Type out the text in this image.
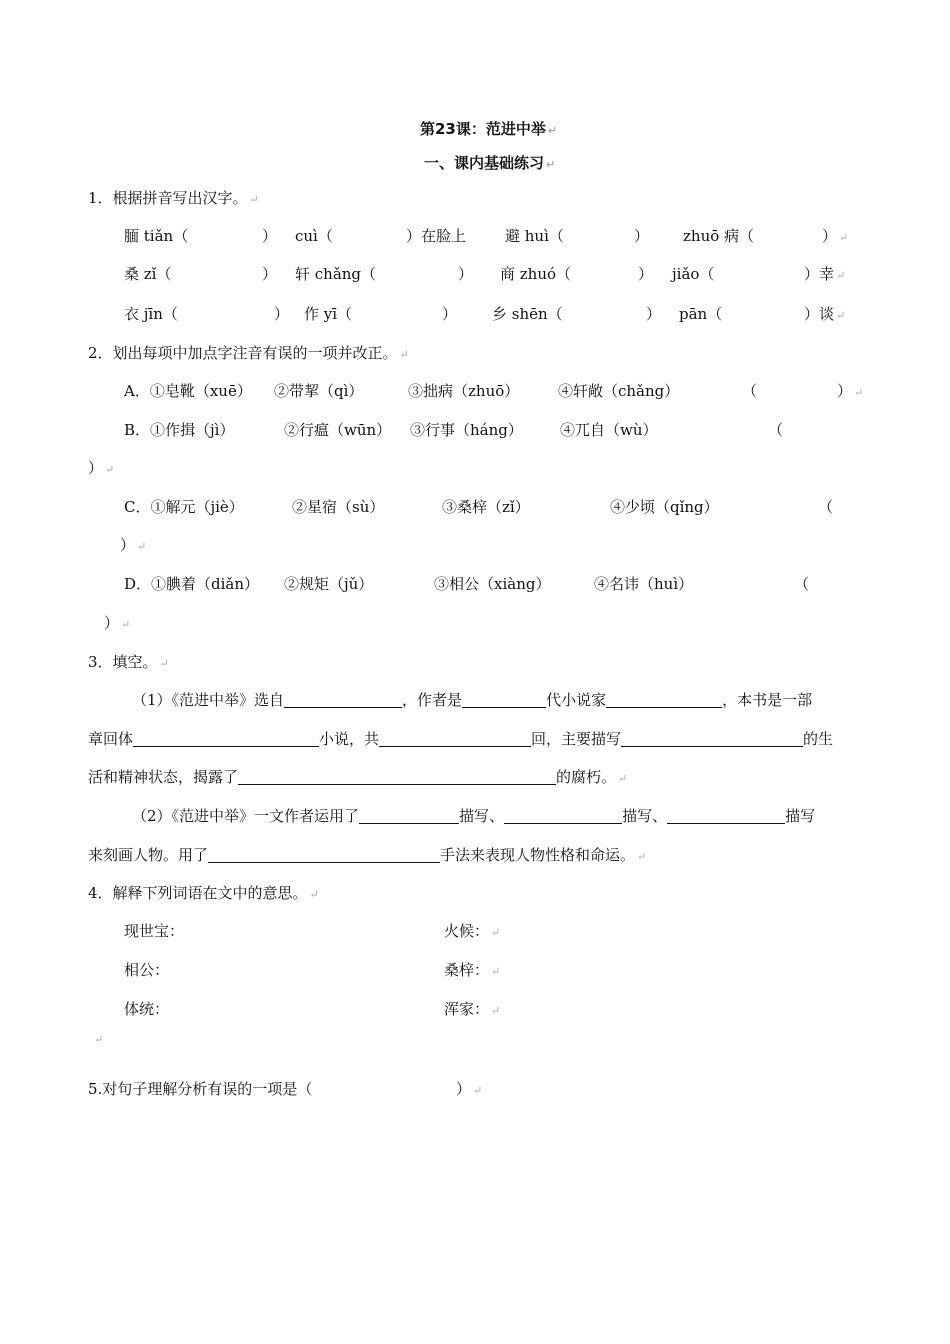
第23课：范进中举 ↵
一、课内基础练习 ↵
1．根据拼音写出汉字。 ↵
腼 tiǎn（	） cuì（	）在脸上	避 huì（	） zhuō 病（	） ↵
桑 zǐ（	） 轩 chǎng（	） 商 zhuó（	） jiǎo（	）幸 ↵
衣 jīn（	） 作 yī（	） 乡 shēn（	） pān（	）谈 ↵
2．划出每项中加点字注音有误的一项并改正。 ↵
A．①皂靴（xuē） ②带挈（qì）	③拙病（zhuō）	④轩敞（chǎng）	（	） ↵
B．①作揖（jì）	②行瘟（wūn） ③行事（háng） ④兀自（wù）	（
） ↵
C．①解元（jiè）	②星宿（sù）	③桑梓（zǐ）	④少顷（qǐng）	（
） ↵
D．①腆着（diǎn） ②规矩（jǔ）	③相公（xiàng）	④名讳（huì）	（
） ↵
3．填空。 ↵
（1）《范进中举》选自	，作者是	代小说家	，本书是一部
章回体	小说，共	回，主要描写	的生
活和精神状态，揭露了	的腐朽。 ↵
（2）《范进中举》一文作者运用了	描写、	描写、	描写
来刻画人物。用了	手法来表现人物性格和命运。 ↵
4．解释下列词语在文中的意思。 ↵
现世宝：	火候： ↵
相公：	桑梓： ↵
体统：	浑家： ↵
↵
5.对句子理解分析有误的一项是（	） ↵
